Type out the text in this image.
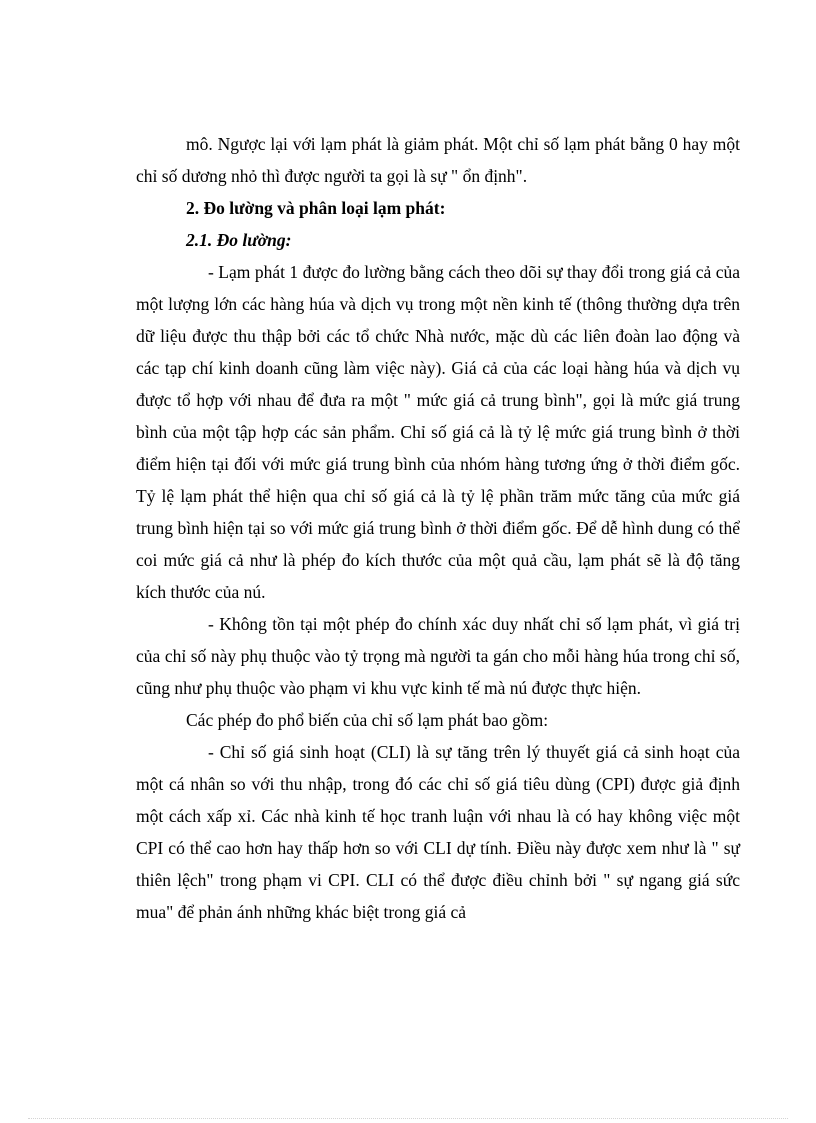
mô. Ngược lại với lạm phát là giảm phát. Một chỉ số lạm phát bằng 0 hay một chỉ số dương nhỏ thì được người ta gọi là sự " ổn định".

2. Đo lường và phân loại lạm phát:

2.1. Đo lường:

- Lạm phát 1 được đo lường bằng cách theo dõi sự thay đổi trong giá cả của một lượng lớn các hàng húa và dịch vụ trong một nền kinh tế (thông thường dựa trên dữ liệu được thu thập bởi các tổ chức Nhà nước, mặc dù các liên đoàn lao động và các tạp chí kinh doanh cũng làm việc này). Giá cả của các loại hàng húa và dịch vụ được tổ hợp với nhau để đưa ra một " mức giá cả trung bình", gọi là mức giá trung bình của một tập hợp các sản phẩm. Chỉ số giá cả là tỷ lệ mức giá trung bình ở thời điểm hiện tại đối với mức giá trung bình của nhóm hàng tương ứng ở thời điểm gốc. Tỷ lệ lạm phát thể hiện qua chỉ số giá cả là tỷ lệ phần trăm mức tăng của mức giá trung bình hiện tại so với mức giá trung bình ở thời điểm gốc. Để dễ hình dung có thể coi mức giá cả như là phép đo kích thước của một quả cầu, lạm phát sẽ là độ tăng kích thước của nú.

- Không tồn tại một phép đo chính xác duy nhất chỉ số lạm phát, vì giá trị của chỉ số này phụ thuộc vào tỷ trọng mà người ta gán cho mỗi hàng húa trong chỉ số, cũng như phụ thuộc vào phạm vi khu vực kinh tế mà nú được thực hiện.

Các phép đo phổ biến của chỉ số lạm phát bao gồm:

- Chỉ số giá sinh hoạt (CLI) là sự tăng trên lý thuyết giá cả sinh hoạt của một cá nhân so với thu nhập, trong đó các chỉ số giá tiêu dùng (CPI) được giả định một cách xấp xỉ. Các nhà kinh tế học tranh luận với nhau là có hay không việc một CPI có thể cao hơn hay thấp hơn so với CLI dự tính. Điều này được xem như là " sự thiên lệch" trong phạm vi CPI. CLI có thể được điều chỉnh bởi " sự ngang giá sức mua" để phản ánh những khác biệt trong giá cả
